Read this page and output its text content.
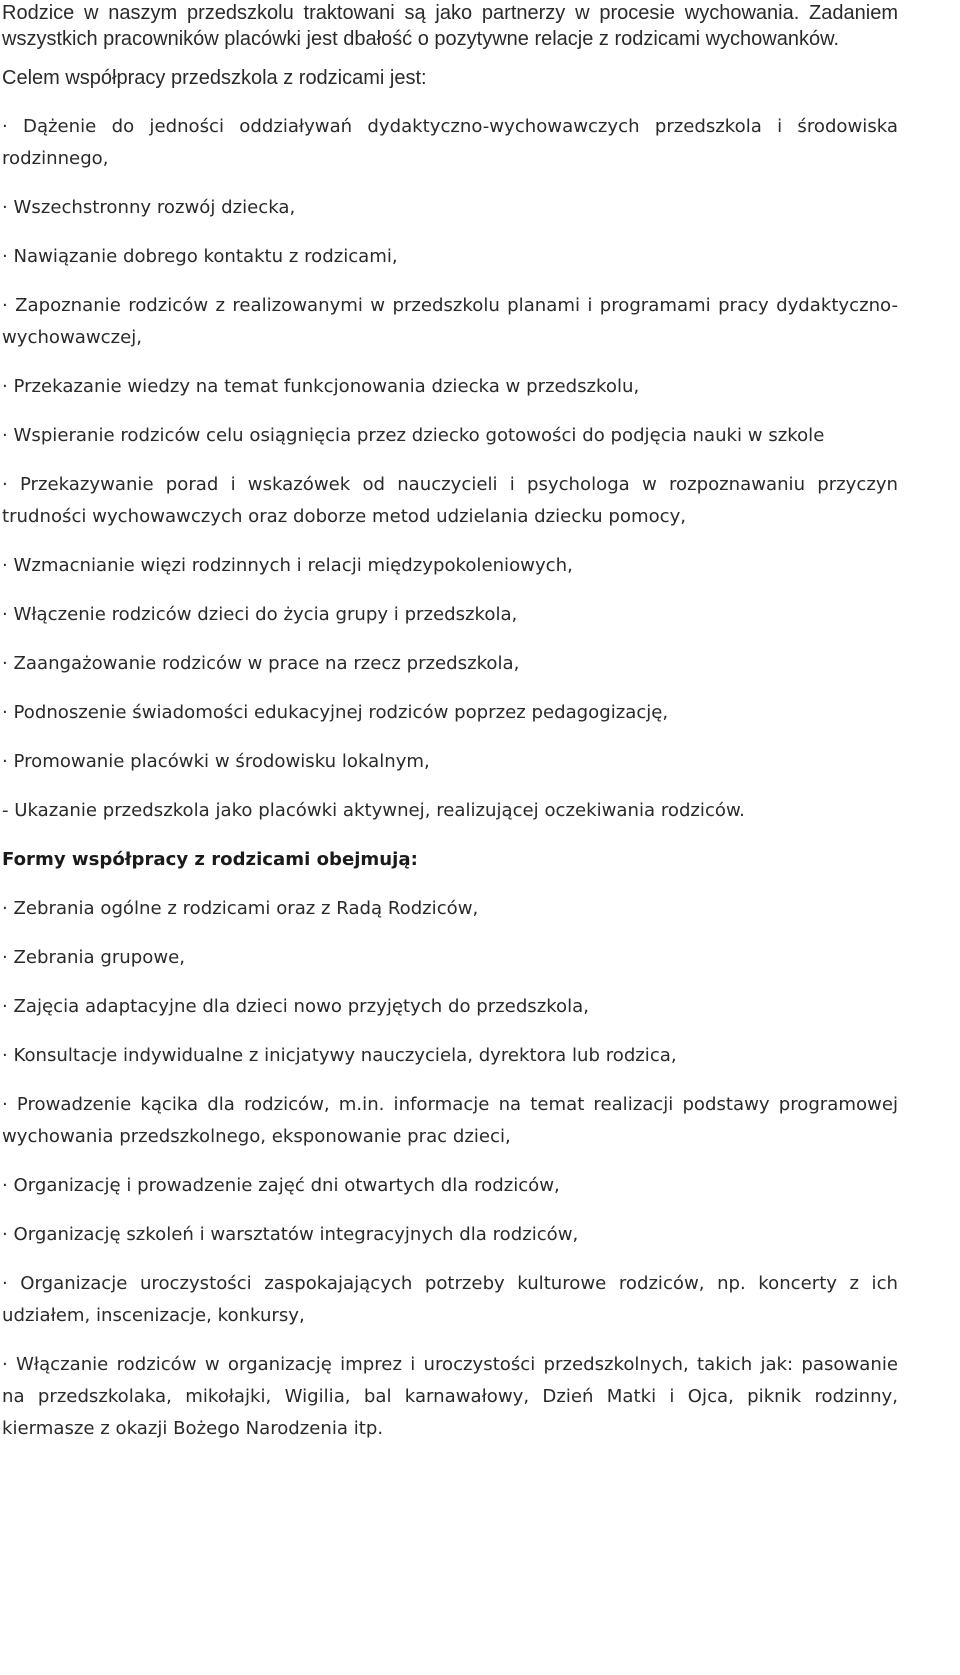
Rodzice w naszym przedszkolu traktowani są jako partnerzy w procesie wychowania. Zadaniem wszystkich pracowników placówki jest dbałość o pozytywne relacje z rodzicami wychowanków.

Celem współpracy przedszkola z rodzicami jest:

· Dążenie do jedności oddziaływań dydaktyczno-wychowawczych przedszkola i środowiska rodzinnego,

· Wszechstronny rozwój dziecka,

· Nawiązanie dobrego kontaktu z rodzicami,

· Zapoznanie rodziców z realizowanymi w przedszkolu planami i programami pracy dydaktyczno-wychowawczej,

· Przekazanie wiedzy na temat funkcjonowania dziecka w przedszkolu,

· Wspieranie rodziców celu osiągnięcia przez dziecko gotowości do podjęcia nauki w szkole

· Przekazywanie porad i wskazówek od nauczycieli i psychologa w rozpoznawaniu przyczyn trudności wychowawczych oraz doborze metod udzielania dziecku pomocy,

· Wzmacnianie więzi rodzinnych i relacji międzypokoleniowych,

· Włączenie rodziców dzieci do życia grupy i przedszkola,

· Zaangażowanie rodziców w prace na rzecz przedszkola,

· Podnoszenie świadomości edukacyjnej rodziców poprzez pedagogizację,

· Promowanie placówki w środowisku lokalnym,

- Ukazanie przedszkola jako placówki aktywnej, realizującej oczekiwania rodziców.

Formy współpracy z rodzicami obejmują:

· Zebrania ogólne z rodzicami oraz z Radą Rodziców,

· Zebrania grupowe,

· Zajęcia adaptacyjne dla dzieci nowo przyjętych do przedszkola,

· Konsultacje indywidualne z inicjatywy nauczyciela, dyrektora lub rodzica,

· Prowadzenie kącika dla rodziców, m.in. informacje na temat realizacji podstawy programowej wychowania przedszkolnego, eksponowanie prac dzieci,

· Organizację i prowadzenie zajęć dni otwartych dla rodziców,

· Organizację szkoleń i warsztatów integracyjnych dla rodziców,

· Organizacje uroczystości zaspokajających potrzeby kulturowe rodziców, np. koncerty z ich udziałem, inscenizacje, konkursy,

· Włączanie rodziców w organizację imprez i uroczystości przedszkolnych, takich jak: pasowanie na przedszkolaka, mikołajki, Wigilia, bal karnawałowy, Dzień Matki i Ojca, piknik rodzinny, kiermasze z okazji Bożego Narodzenia itp.
